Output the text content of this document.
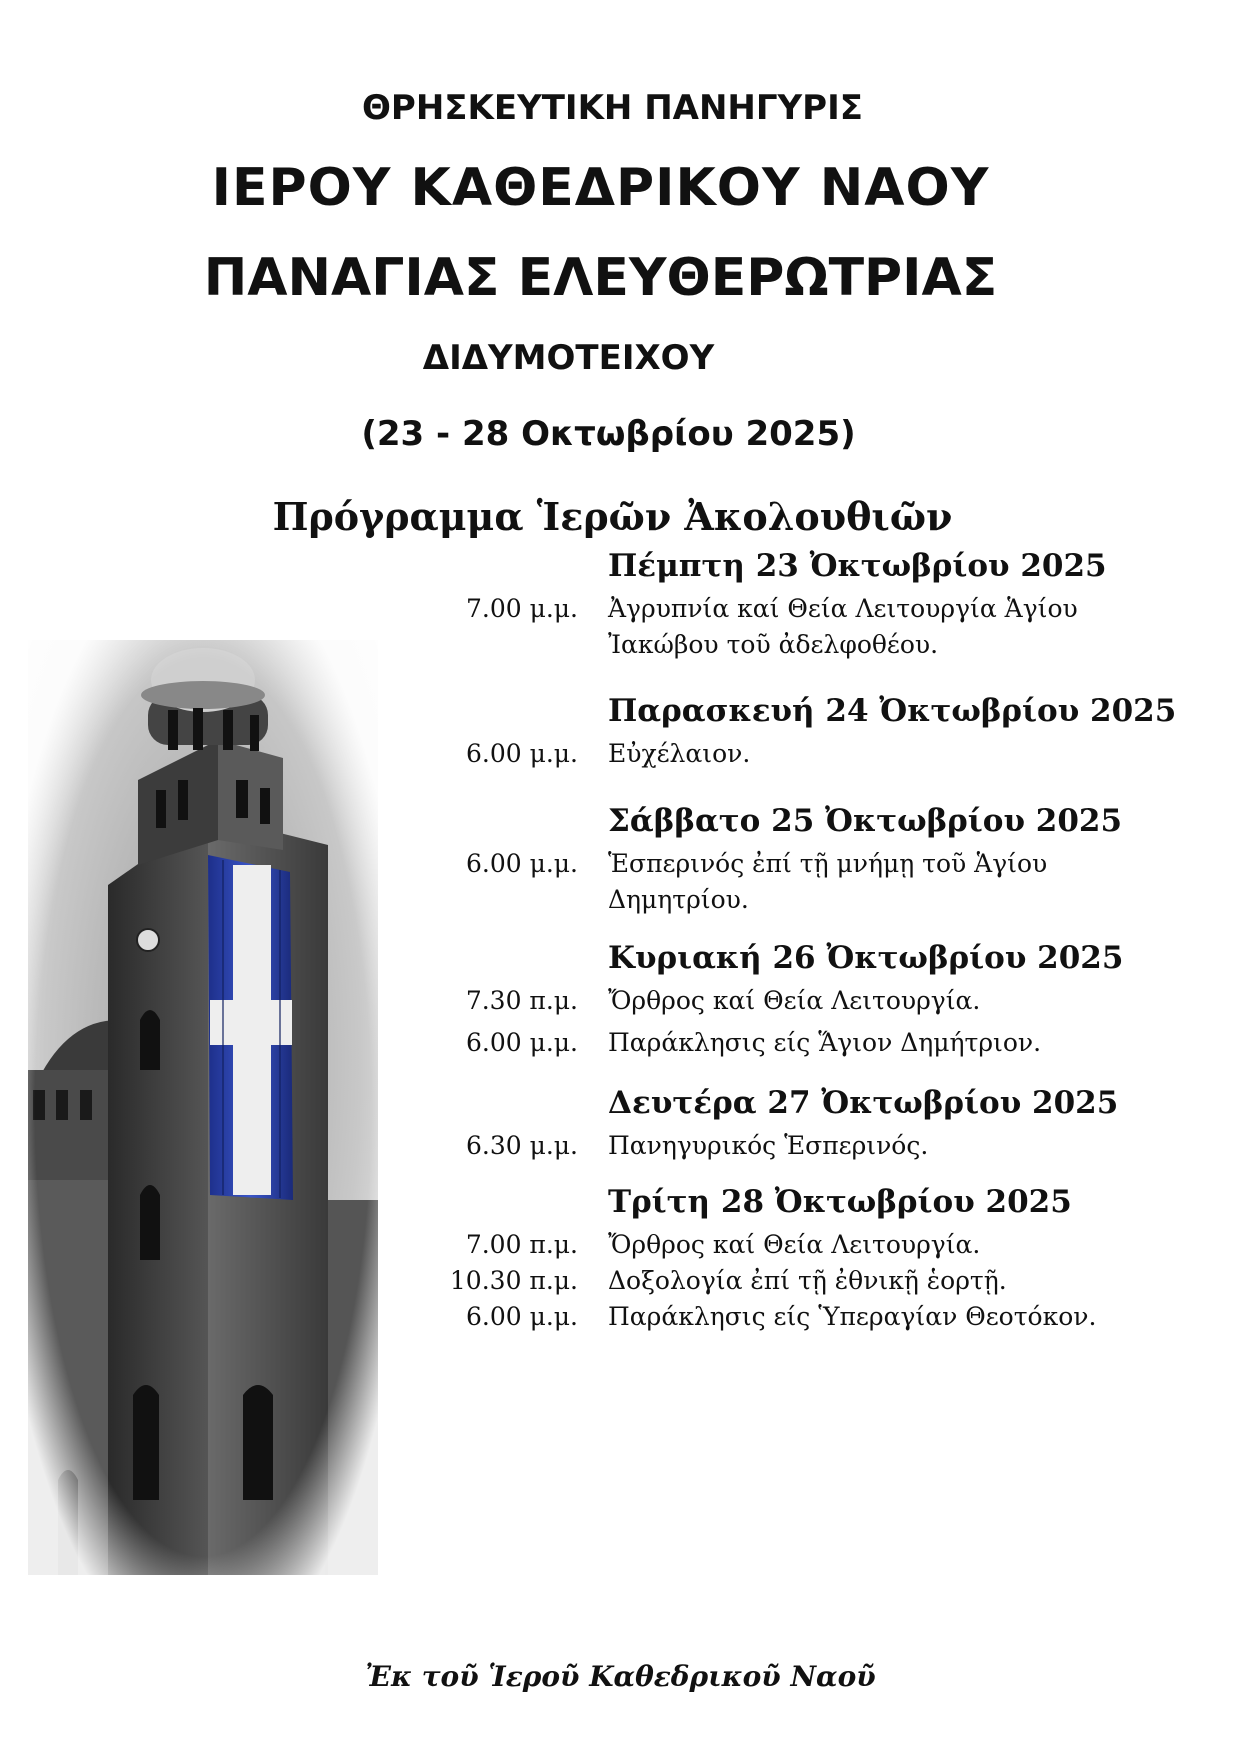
ΘΡΗΣΚΕΥΤΙΚΗ ΠΑΝΗΓΥΡΙΣ
ΙΕΡΟΥ ΚΑΘΕΔΡΙΚΟΥ ΝΑΟΥ
ΠΑΝΑΓΙΑΣ ΕΛΕΥΘΕΡΩΤΡΙΑΣ
ΔΙΔΥΜΟΤΕΙΧΟΥ
(23 - 28 Οκτωβρίου 2025)
Πρόγραμμα Ἱερῶν Ἀκολουθιῶν
Πέμπτη 23 Ὀκτωβρίου 2025
7.00 μ.μ. Ἀγρυπνία καί Θεία Λειτουργία Ἁγίου
Ἰακώβου τοῦ ἀδελφοθέου.
Παρασκευή 24 Ὀκτωβρίου 2025
6.00 μ.μ. Εὐχέλαιον.
Σάββατο 25 Ὀκτωβρίου 2025
6.00 μ.μ. Ἑσπερινός ἐπί τῇ μνήμῃ τοῦ Ἁγίου
Δημητρίου.
Κυριακή 26 Ὀκτωβρίου 2025
7.30 π.μ. Ὄρθρος καί Θεία Λειτουργία.
6.00 μ.μ. Παράκλησις είς Ἅγιον Δημήτριον.
Δευτέρα 27 Ὀκτωβρίου 2025
6.30 μ.μ. Πανηγυρικός Ἑσπερινός.
Τρίτη 28 Ὀκτωβρίου 2025
7.00 π.μ. Ὄρθρος καί Θεία Λειτουργία.
10.30 π.μ. Δοξολογία ἐπί τῇ ἐθνικῇ ἑορτῇ.
6.00 μ.μ. Παράκλησις είς Ὑπεραγίαν Θεοτόκον.
Ἐκ τοῦ Ἱεροῦ Καθεδρικοῦ Ναοῦ
